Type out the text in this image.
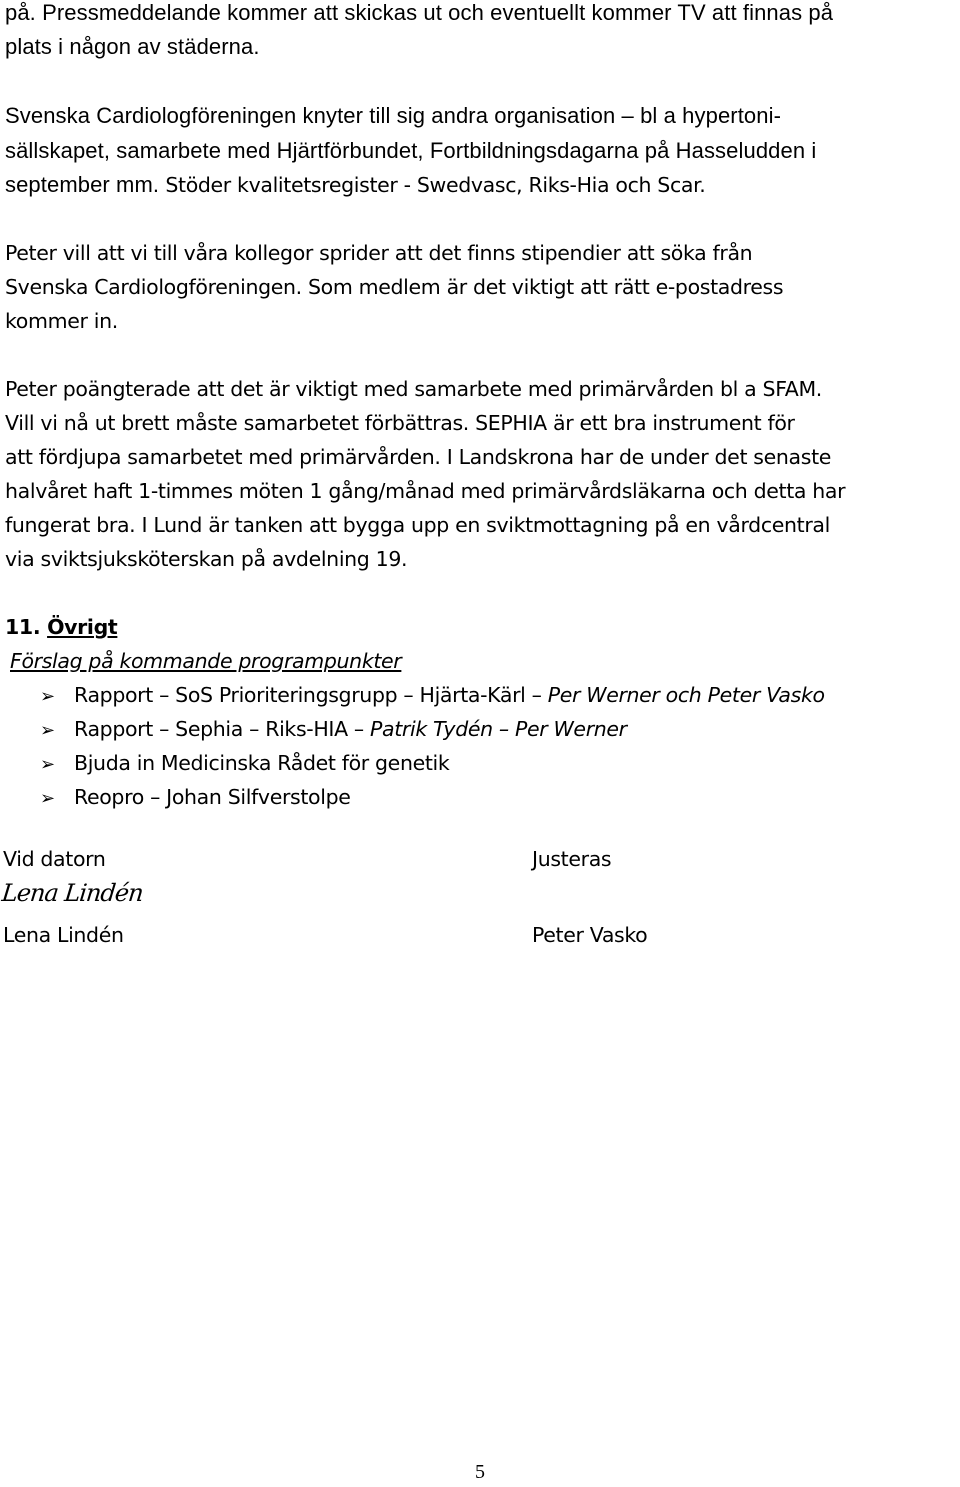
på. Pressmeddelande kommer att skickas ut och eventuellt kommer TV att finnas på
plats i någon av städerna.
Svenska Cardiologföreningen knyter till sig andra organisation – bl a hypertoni-
sällskapet, samarbete med Hjärtförbundet, Fortbildningsdagarna på Hasseludden i
september mm. Stöder kvalitetsregister - Swedvasc, Riks-Hia och Scar.
Peter vill att vi till våra kollegor sprider att det finns stipendier att söka från
Svenska Cardiologföreningen. Som medlem är det viktigt att rätt e-postadress
kommer in.
Peter poängterade att det är viktigt med samarbete med primärvården bl a SFAM.
Vill vi nå ut brett måste samarbetet förbättras. SEPHIA är ett bra instrument för
att fördjupa samarbetet med primärvården. I Landskrona har de under det senaste
halvåret haft 1-timmes möten 1 gång/månad med primärvårdsläkarna och detta har
fungerat bra. I Lund är tanken att bygga upp en sviktmottagning på en vårdcentral
via sviktsjuksköterskan på avdelning 19.
11. Övrigt
Förslag på kommande programpunkter
➢ Rapport – SoS Prioriteringsgrupp – Hjärta-Kärl – Per Werner och Peter Vasko
➢ Rapport – Sephia – Riks-HIA – Patrik Tydén – Per Werner
➢ Bjuda in Medicinska Rådet för genetik
➢ Reopro – Johan Silfverstolpe
Vid datorn
Lena Lindén
Lena Lindén
Justeras
Peter Vasko
5
